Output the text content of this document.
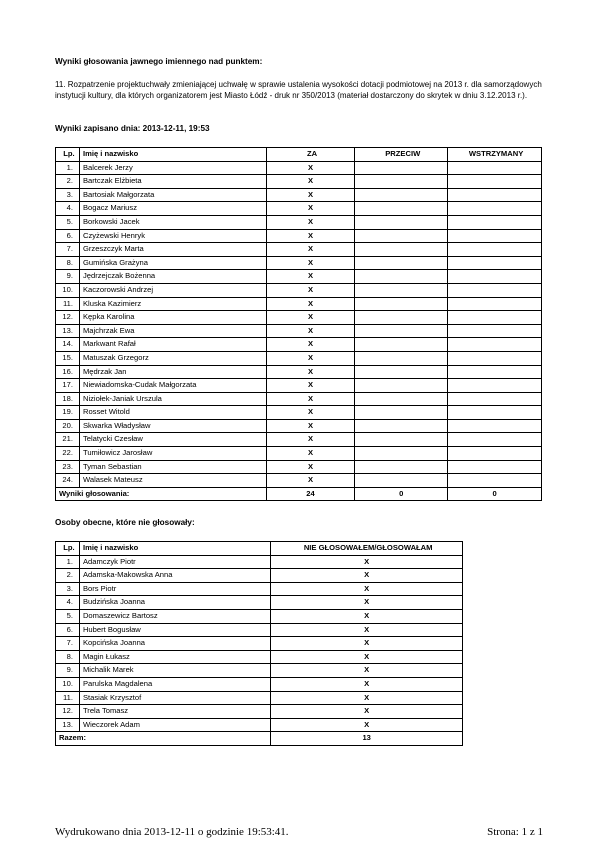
Wyniki głosowania jawnego imiennego nad punktem:
11. Rozpatrzenie projektuchwały zmieniającej uchwałę w sprawie ustalenia wysokości dotacji podmiotowej na 2013 r. dla samorządowych instytucji kultury, dla których organizatorem jest Miasto Łódź - druk nr 350/2013 (materiał dostarczony do skrytek w dniu 3.12.2013 r.).
Wyniki zapisano dnia: 2013-12-11, 19:53
Lp.	Imię i nazwisko	ZA	PRZECIW	WSTRZYMANY
1.	Balcerek Jerzy	X		
2.	Bartczak Elżbieta	X		
3.	Bartosiak Małgorzata	X		
4.	Bogacz Mariusz	X		
5.	Borkowski Jacek	X		
6.	Czyżewski Henryk	X		
7.	Grzeszczyk Marta	X		
8.	Gumińska Grażyna	X		
9.	Jędrzejczak Bożenna	X		
10.	Kaczorowski Andrzej	X		
11.	Kluska Kazimierz	X		
12.	Kępka Karolina	X		
13.	Majchrzak Ewa	X		
14.	Markwant Rafał	X		
15.	Matuszak Grzegorz	X		
16.	Mędrzak Jan	X		
17.	Niewiadomska-Cudak Małgorzata	X		
18.	Niziołek-Janiak Urszula	X		
19.	Rosset Witold	X		
20.	Skwarka Władysław	X		
21.	Telatycki Czesław	X		
22.	Tumiłowicz Jarosław	X		
23.	Tyman Sebastian	X		
24.	Walasek Mateusz	X		
Wyniki głosowania:		24	0	0
Osoby obecne, które nie głosowały:
Lp.	Imię i nazwisko	NIE GŁOSOWAŁEM/GŁOSOWAŁAM
1.	Adamczyk Piotr	X
2.	Adamska-Makowska Anna	X
3.	Bors Piotr	X
4.	Budzińska Joanna	X
5.	Domaszewicz Bartosz	X
6.	Hubert Bogusław	X
7.	Kopcińska Joanna	X
8.	Magin Łukasz	X
9.	Michalik Marek	X
10.	Parulska Magdalena	X
11.	Stasiak Krzysztof	X
12.	Trela Tomasz	X
13.	Wieczorek Adam	X
Razem:		13
Wydrukowano dnia 2013-12-11 o godzinie 19:53:41.	Strona: 1 z 1
